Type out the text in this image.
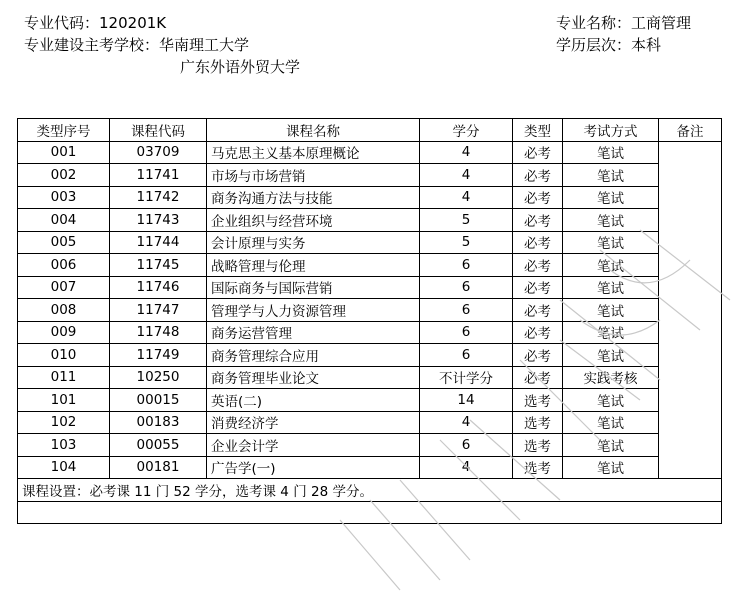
专业代码：120201K
专业建设主考学校：华南理工大学
广东外语外贸大学
专业名称：工商管理
学历层次：本科
类型序号	课程代码	课程名称	学分	类型	考试方式	备注
001	03709	马克思主义基本原理概论	4	必考	笔试	
002	11741	市场与市场营销	4	必考	笔试	
003	11742	商务沟通方法与技能	4	必考	笔试	
004	11743	企业组织与经营环境	5	必考	笔试	
005	11744	会计原理与实务	5	必考	笔试	
006	11745	战略管理与伦理	6	必考	笔试	
007	11746	国际商务与国际营销	6	必考	笔试	
008	11747	管理学与人力资源管理	6	必考	笔试	
009	11748	商务运营管理	6	必考	笔试	
010	11749	商务管理综合应用	6	必考	笔试	
011	10250	商务管理毕业论文	不计学分	必考	实践考核	
101	00015	英语(二)	14	选考	笔试	
102	00183	消费经济学	4	选考	笔试	
103	00055	企业会计学	6	选考	笔试	
104	00181	广告学(一)	4	选考	笔试	
课程设置：必考课 11 门 52 学分，选考课 4 门 28 学分。						
